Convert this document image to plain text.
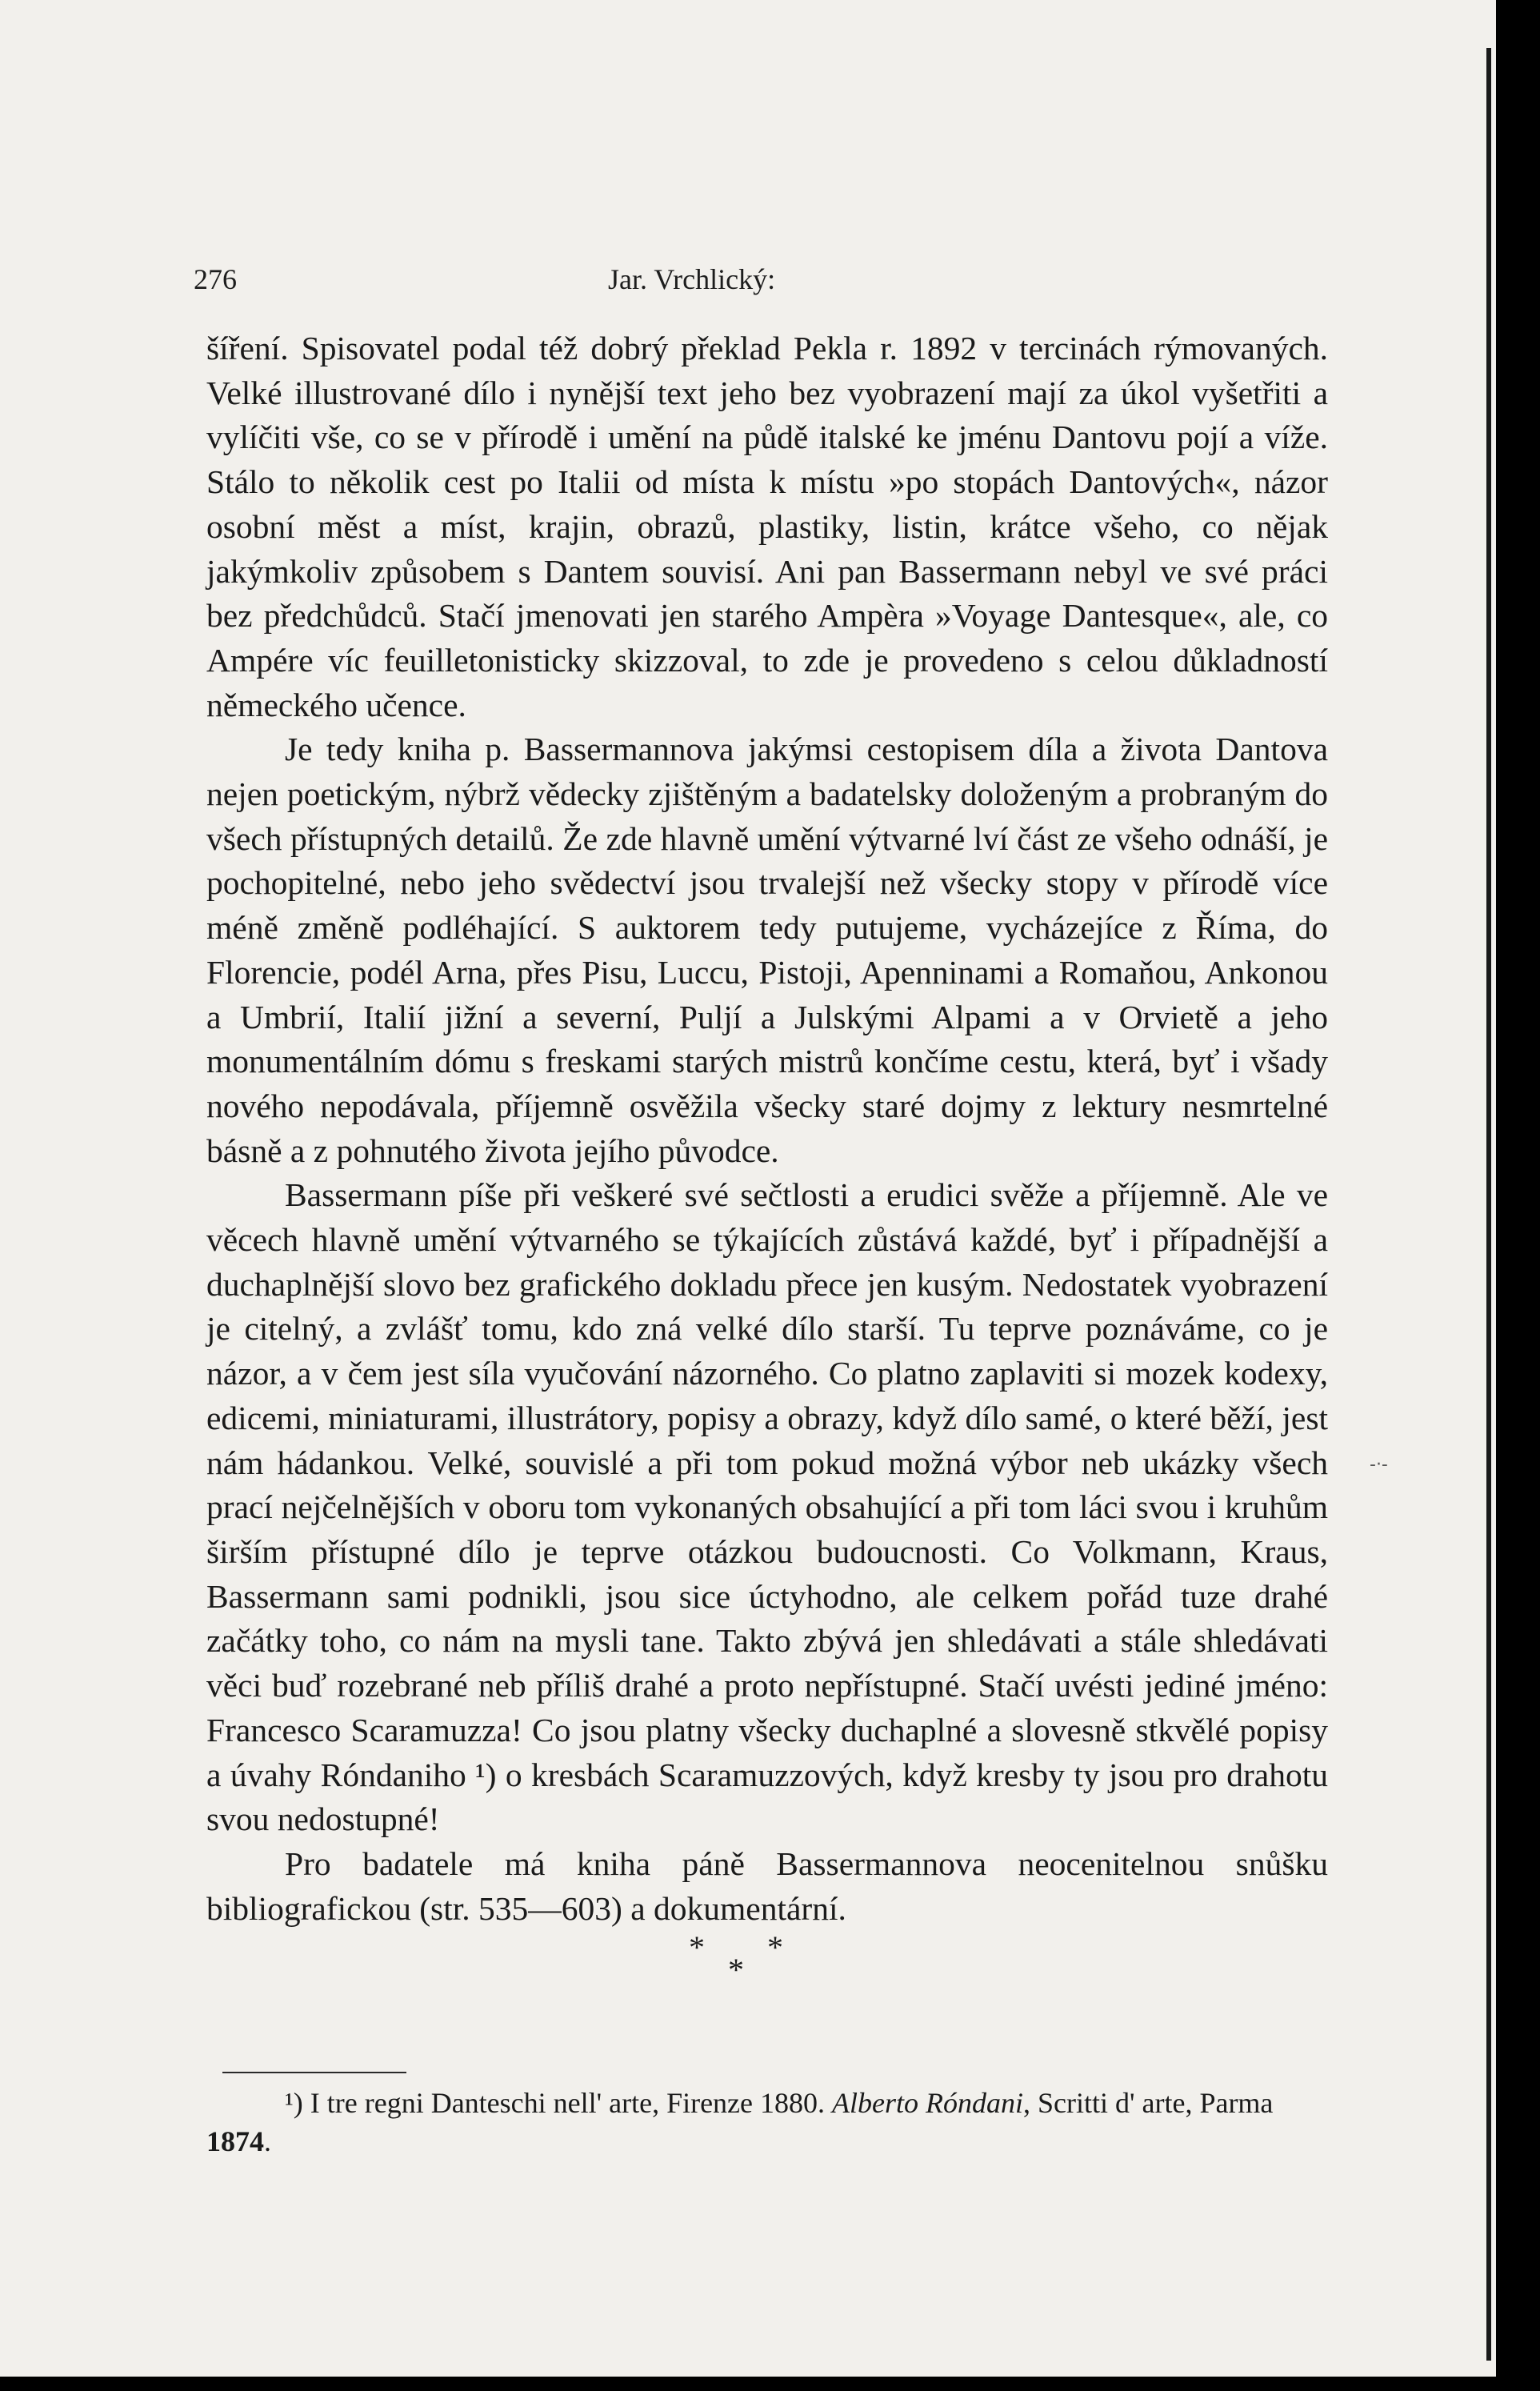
276	Jar. Vrchlický:

šíření. Spisovatel podal též dobrý překlad Pekla r. 1892 v tercinách rýmovaných. Velké illustrované dílo i nynější text jeho bez vyobrazení mají za úkol vyšetřiti a vylíčiti vše, co se v přírodě i umění na půdě italské ke jménu Dantovu pojí a víže. Stálo to několik cest po Italii od místa k místu »po stopách Dantových«, názor osobní měst a míst, krajin, obrazů, plastiky, listin, krátce všeho, co nějak jakýmkoliv způsobem s Dantem souvisí. Ani pan Bassermann nebyl ve své práci bez předchůdců. Stačí jmenovati jen starého Ampèra »Voyage Dantesque«, ale, co Ampére víc feuilletonisticky skizzoval, to zde je provedeno s celou důkladností německého učence.

Je tedy kniha p. Bassermannova jakýmsi cestopisem díla a života Dantova nejen poetickým, nýbrž vědecky zjištěným a badatelsky doloženým a probraným do všech přístupných detailů. Že zde hlavně umění výtvarné lví část ze všeho odnáší, je pochopitelné, nebo jeho svědectví jsou trvalejší než všecky stopy v přírodě více méně změně podléhající. S auktorem tedy putujeme, vycházejíce z Říma, do Florencie, podél Arna, přes Pisu, Luccu, Pistoji, Apenninami a Romaňou, Ankonou a Umbrií, Italií jižní a severní, Pulјí a Julskými Alpami a v Orvietě a jeho monumentálním dómu s freskami starých mistrů končíme cestu, která, byť i všady nového nepodávala, příjemně osvěžila všecky staré dojmy z lektury nesmrtelné básně a z pohnutého života jejího původce.

Bassermann píše při veškeré své sečtlosti a erudici svěže a příjemně. Ale ve věcech hlavně umění výtvarného se týkajících zůstává každé, byť i případnější a duchaplnější slovo bez grafického dokladu přece jen kusým. Nedostatek vyobrazení je citelný, a zvlášť tomu, kdo zná velké dílo starší. Tu teprve poznáváme, co je názor, a v čem jest síla vyučování názorného. Co platno zaplaviti si mozek kodexy, edicemi, miniaturami, illustrátory, popisy a obrazy, když dílo samé, o které běží, jest nám hádankou. Velké, souvislé a při tom pokud možná výbor neb ukázky všech prací nejčelnějších v oboru tom vykonaných obsahující a při tom láci svou i kruhům širším přístupné dílo je teprve otázkou budoucnosti. Co Volkmann, Kraus, Bassermann sami podnikli, jsou sice úctyhodno, ale celkem pořád tuze drahé začátky toho, co nám na mysli tane. Takto zbývá jen shledávati a stále shledávati věci buď rozebrané neb příliš drahé a proto nepřístupné. Stačí uvésti jediné jméno: Francesco Scaramuzza! Co jsou platny všecky duchaplné a slovesně stkvělé popisy a úvahy Róndaniho ¹) o kresbách Scaramuzzových, když kresby ty jsou pro drahotu svou nedostupné!

Pro badatele má kniha páně Bassermannova neocenitelnou snůšku bibliografickou (str. 535—603) a dokumentární.

* *
*
-·-
¹) I tre regni Danteschi nell' arte, Firenze 1880. Alberto Róndani, Scritti d' arte, Parma 1874.
